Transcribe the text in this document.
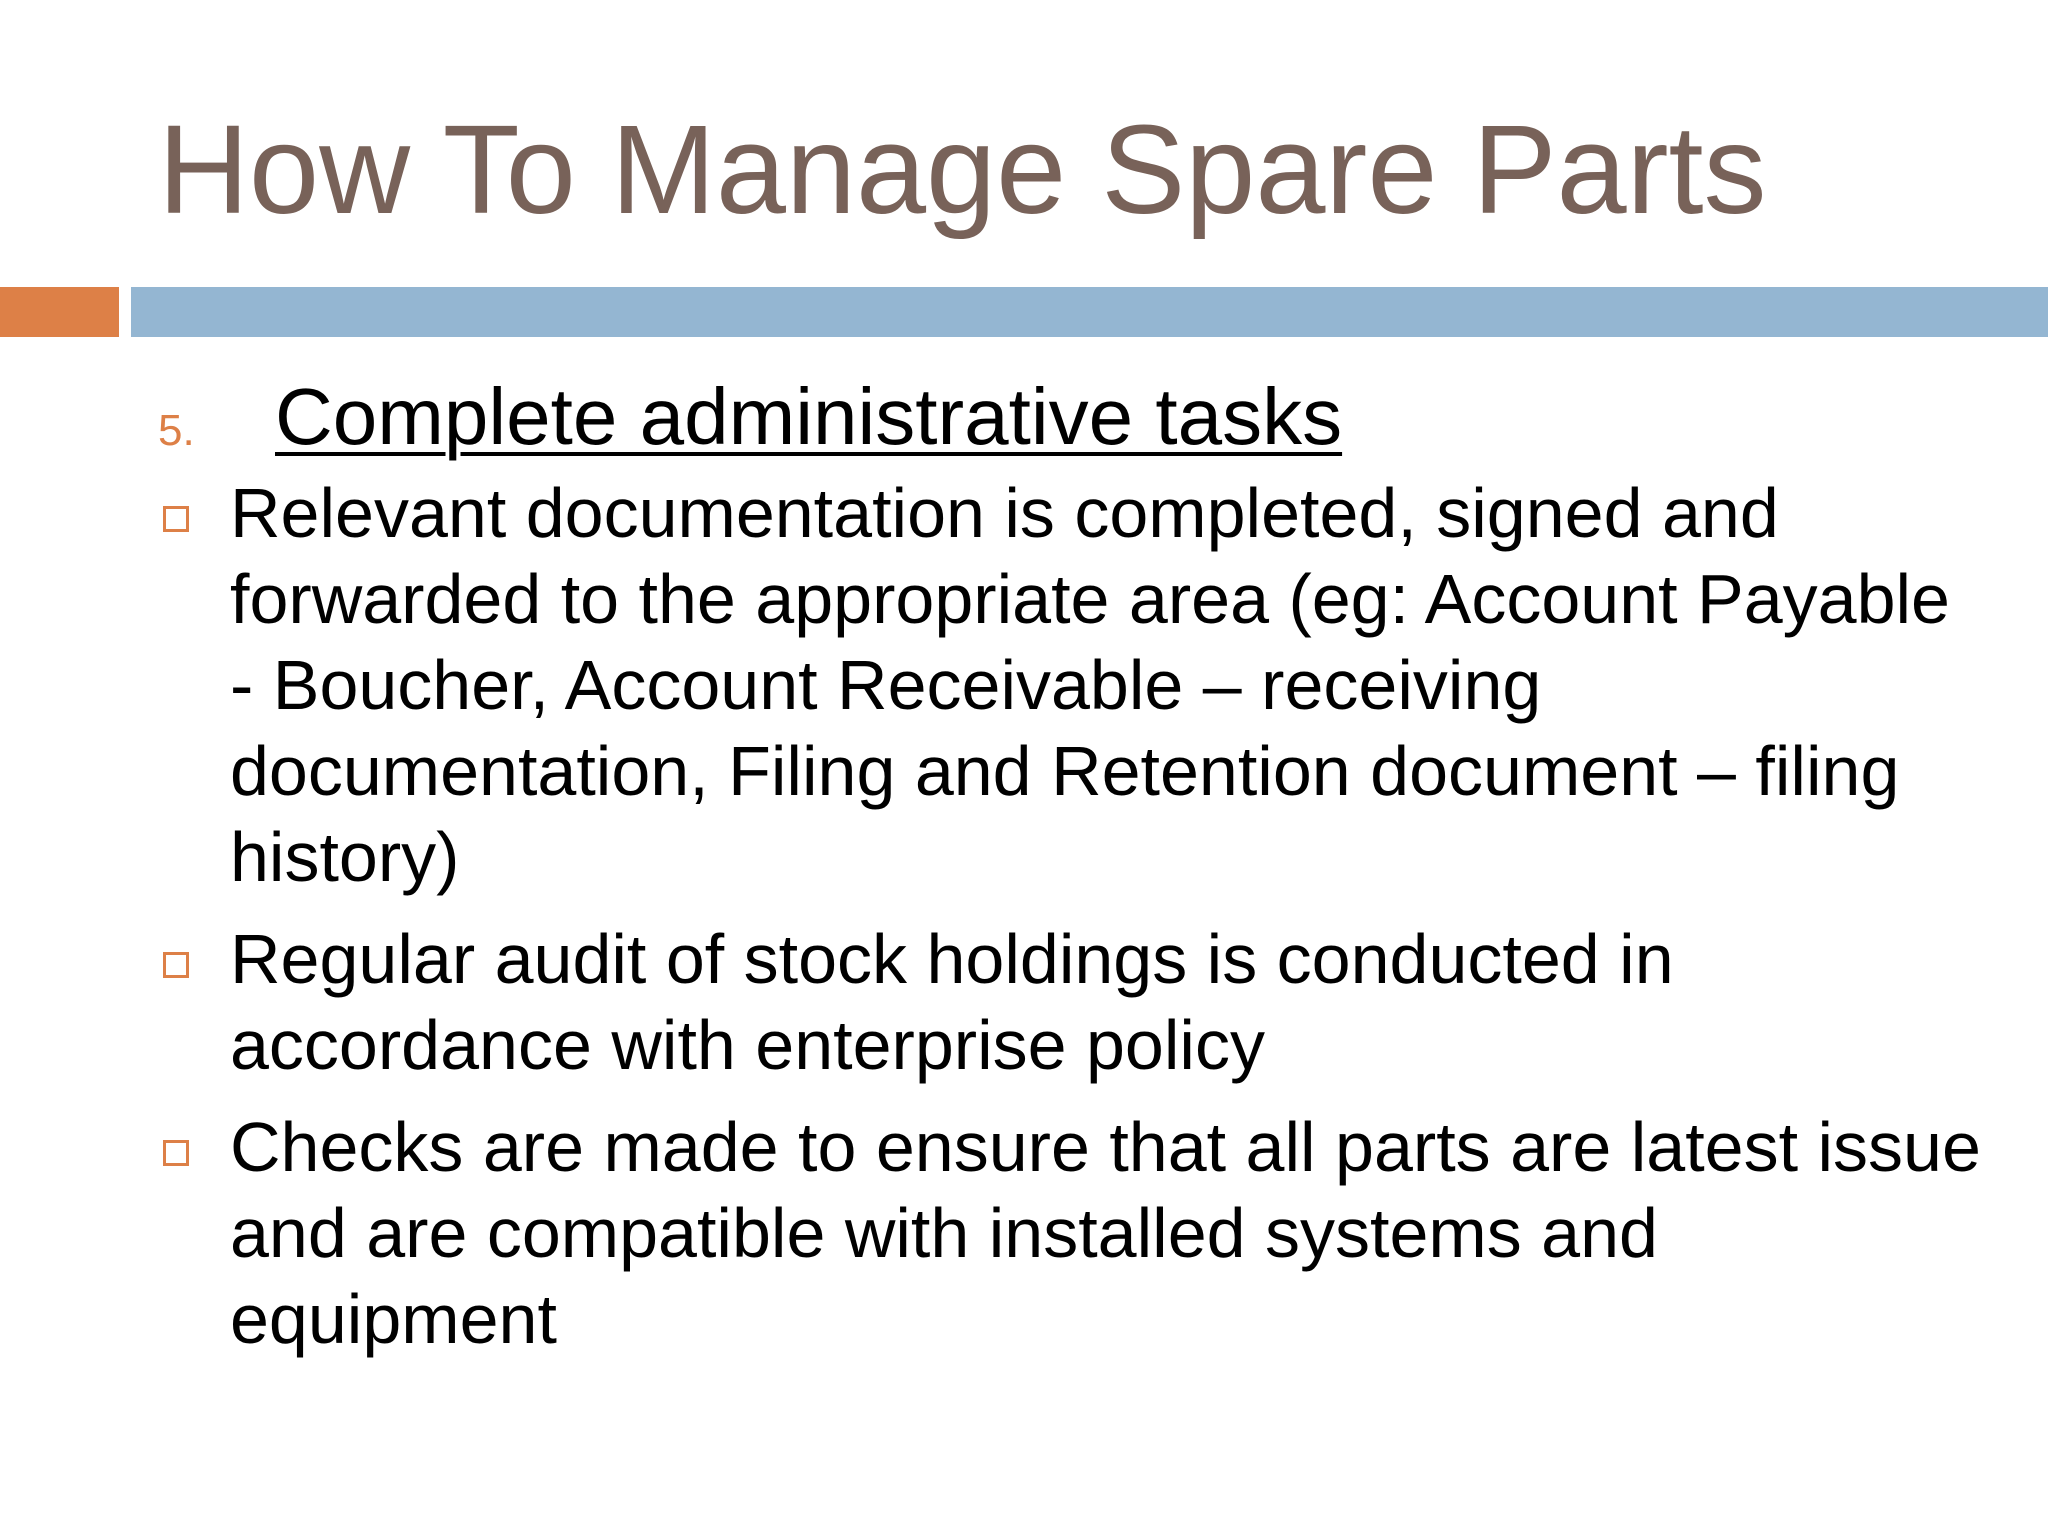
How To Manage Spare Parts
5. Complete administrative tasks
Relevant documentation is completed, signed and forwarded to the appropriate area (eg: Account Payable - Boucher, Account Receivable – receiving documentation, Filing and Retention document – filing history)
Regular audit of stock holdings is conducted in accordance with enterprise policy
Checks are made to ensure that all parts are latest issue and are compatible with installed systems and equipment
